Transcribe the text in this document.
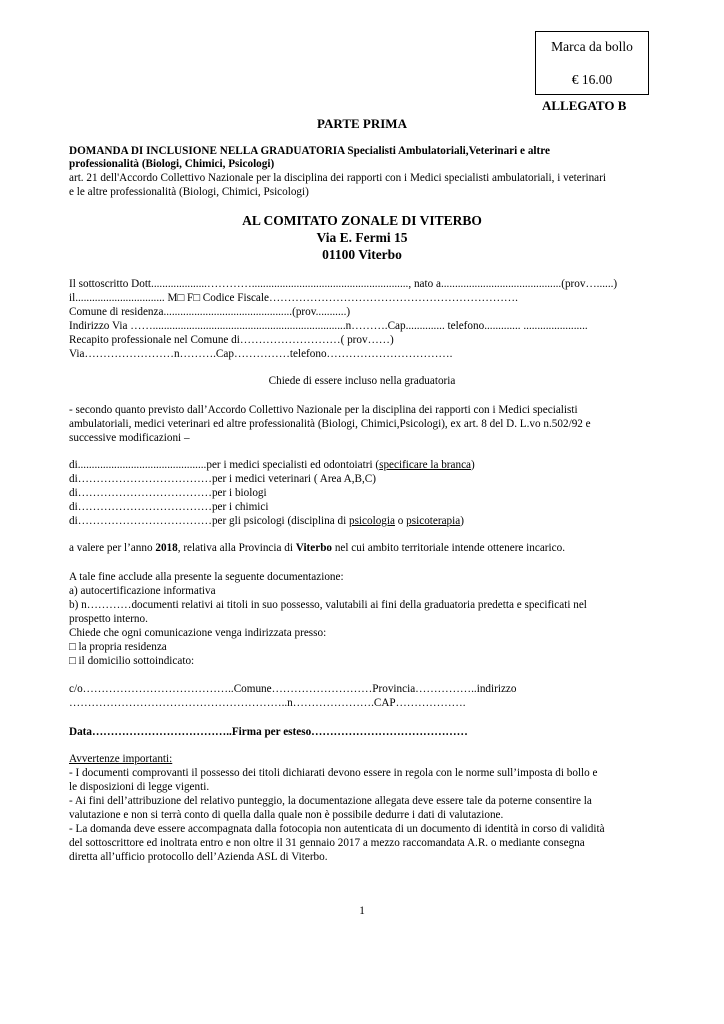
Marca da bollo
€ 16.00
ALLEGATO B
PARTE PRIMA
DOMANDA DI INCLUSIONE NELLA GRADUATORIA Specialisti Ambulatoriali,Veterinari e altre
professionalità (Biologi, Chimici, Psicologi)
art. 21 dell'Accordo Collettivo Nazionale per la disciplina dei rapporti con i Medici specialisti ambulatoriali, i veterinari
e le altre professionalità (Biologi, Chimici, Psicologi)
AL COMITATO ZONALE DI VITERBO
Via E. Fermi 15
01100 Viterbo
Il sottoscritto Dott....................…………........................................................, nato a...........................................(prov…......)
il................................ M□ F□ Codice Fiscale………………………………………………………….
Comune di residenza..............................................(prov...........)
Indirizzo Via …….....................................................................n……….Cap.............. telefono............. .......................
Recapito professionale nel Comune di………………………( prov……)
Via……………………n……….Cap……………telefono…………………………….
Chiede di essere incluso nella graduatoria
- secondo quanto previsto dall’Accordo Collettivo Nazionale per la disciplina dei rapporti con i Medici specialisti
ambulatoriali, medici veterinari ed altre professionalità (Biologi, Chimici,Psicologi), ex art. 8 del D. L.vo n.502/92 e
successive modificazioni –
di..............................................per i medici specialisti ed odontoiatri (specificare la branca)
di………………………………per i medici veterinari ( Area A,B,C)
di………………………………per i biologi
di………………………………per i chimici
di………………………………per gli psicologi (disciplina di psicologia o psicoterapia)
a valere per l’anno 2018, relativa alla Provincia di Viterbo nel cui ambito territoriale intende ottenere incarico.
A tale fine acclude alla presente la seguente documentazione:
a) autocertificazione informativa
b) n…………documenti relativi ai titoli in suo possesso, valutabili ai fini della graduatoria predetta e specificati nel
prospetto interno.
Chiede che ogni comunicazione venga indirizzata presso:
□ la propria residenza
□ il domicilio sottoindicato:
c/o…………………………………..Comune………………………Provincia……………..indirizzo
…………………………………………………..n………………….CAP……………….
Data………………………………..Firma per esteso……………………………………
Avvertenze importanti:
- I documenti comprovanti il possesso dei titoli dichiarati devono essere in regola con le norme sull’imposta di bollo e
le disposizioni di legge vigenti.
- Ai fini dell’attribuzione del relativo punteggio, la documentazione allegata deve essere tale da poterne consentire la
valutazione e non si terrà conto di quella dalla quale non è possibile dedurre i dati di valutazione.
- La domanda deve essere accompagnata dalla fotocopia non autenticata di un documento di identità in corso di validità
del sottoscrittore ed inoltrata entro e non oltre il 31 gennaio 2017 a mezzo raccomandata A.R. o mediante consegna
diretta all’ufficio protocollo dell’Azienda ASL di Viterbo.
1
